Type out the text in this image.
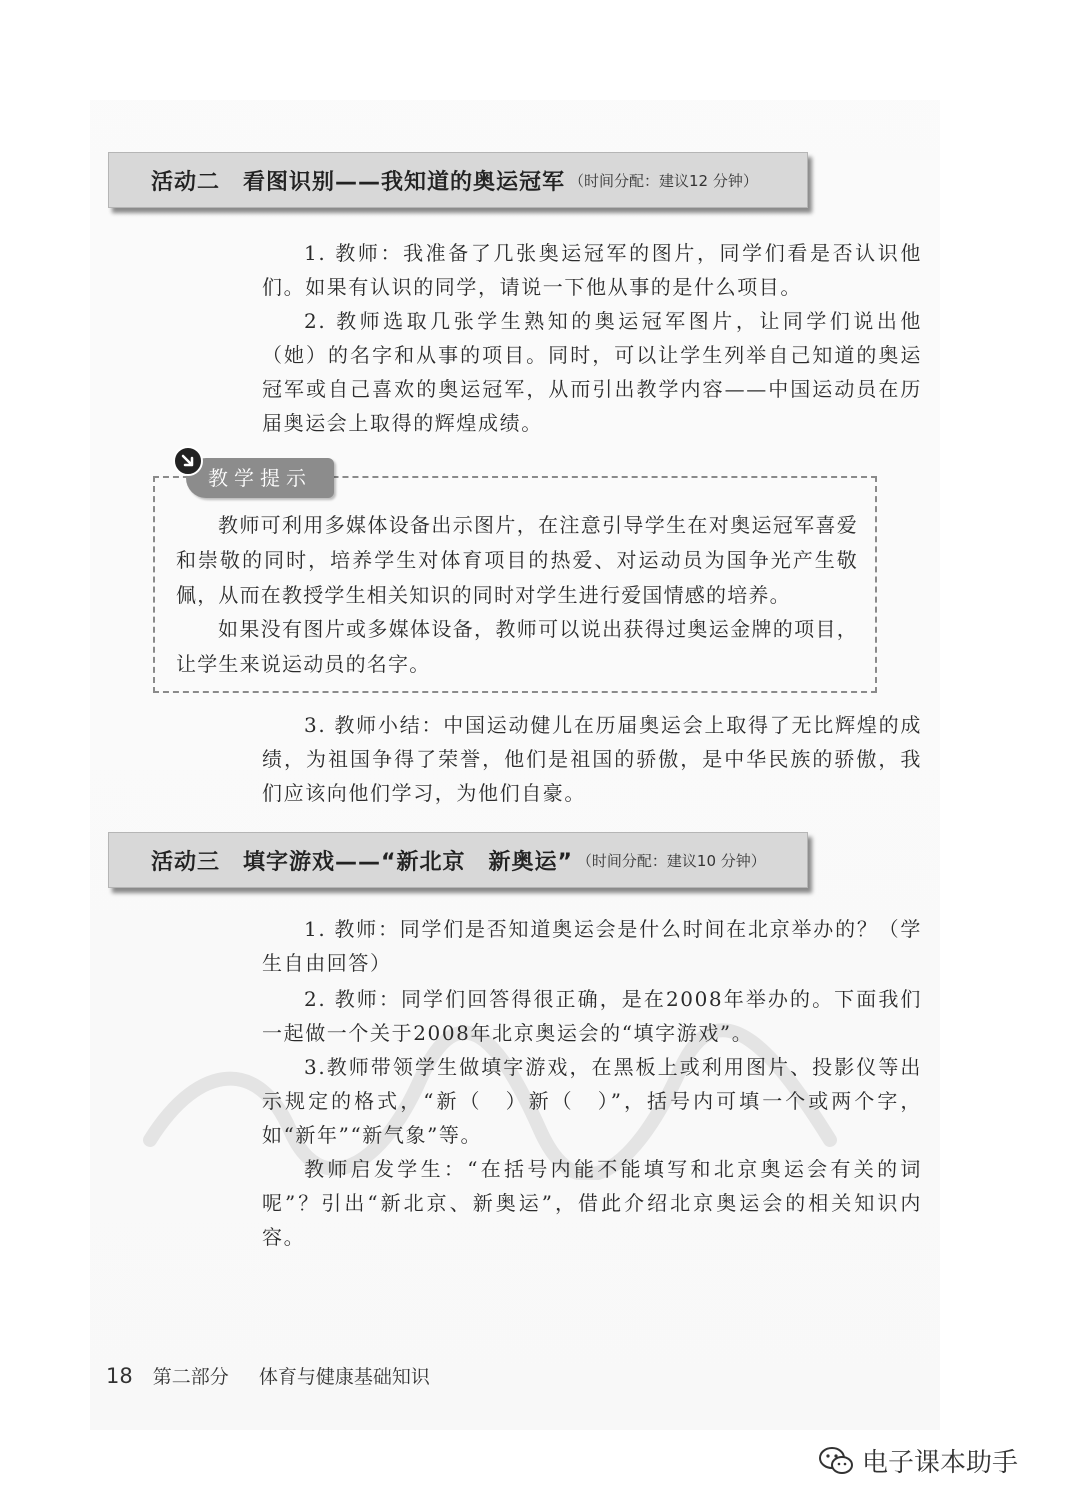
活动二　看图识别——我知道的奥运冠军 （时间分配：建议12 分钟）

1. 教师：我准备了几张奥运冠军的图片，同学们看是否认识他们。如果有认识的同学，请说一下他从事的是什么项目。

2. 教师选取几张学生熟知的奥运冠军图片，让同学们说出他（她）的名字和从事的项目。同时，可以让学生列举自己知道的奥运冠军或自己喜欢的奥运冠军，从而引出教学内容——中国运动员在历届奥运会上取得的辉煌成绩。

教学提示

教师可利用多媒体设备出示图片，在注意引导学生在对奥运冠军喜爱和崇敬的同时，培养学生对体育项目的热爱、对运动员为国争光产生敬佩，从而在教授学生相关知识的同时对学生进行爱国情感的培养。

如果没有图片或多媒体设备，教师可以说出获得过奥运金牌的项目，让学生来说运动员的名字。

3. 教师小结：中国运动健儿在历届奥运会上取得了无比辉煌的成绩，为祖国争得了荣誉，他们是祖国的骄傲，是中华民族的骄傲，我们应该向他们学习，为他们自豪。

活动三　填字游戏——“新北京　新奥运” （时间分配：建议10 分钟）

1. 教师：同学们是否知道奥运会是什么时间在北京举办的？（学生自由回答）

2. 教师：同学们回答得很正确，是在2008年举办的。下面我们一起做一个关于2008年北京奥运会的“填字游戏”。

3.教师带领学生做填字游戏，在黑板上或利用图片、投影仪等出示规定的格式，“新（　）新（　）”，括号内可填一个或两个字，如“新年”“新气象”等。

教师启发学生：“在括号内能不能填写和北京奥运会有关的词呢”？引出“新北京、新奥运”，借此介绍北京奥运会的相关知识内容。

18 第二部分 体育与健康基础知识
电子课本助手
